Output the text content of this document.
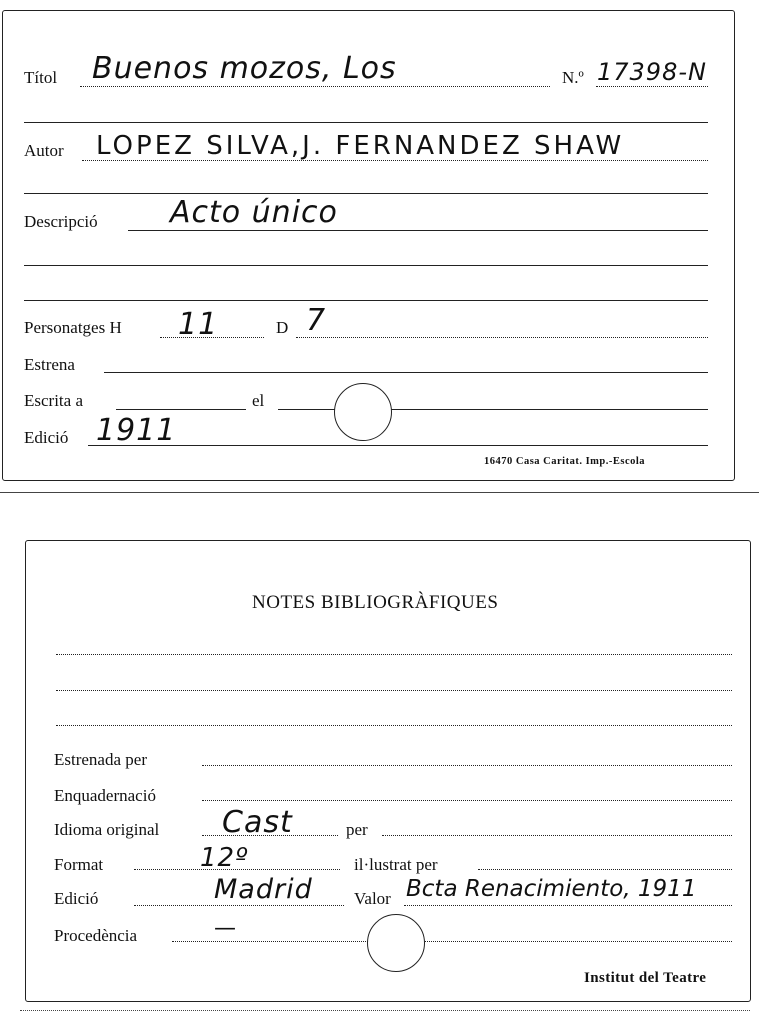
Títol Buenos mozos, Los	N.º 17398-N
Autor LOPEZ SILVA,J. FERNANDEZ SHAW
Descripció Acto único
Personatges H 11	D 7
Estrena
Escrita a	el
Edició 1911
16470 Casa Caritat. Imp.-Escola
NOTES BIBLIOGRÀFIQUES
Estrenada per
Enquadernació
Idioma original Cast	per
Format	12º	il·lustrat per
Edició	Madrid Valor Bcta Renacimiento, 1911
Procedència	—
Institut del Teatre
